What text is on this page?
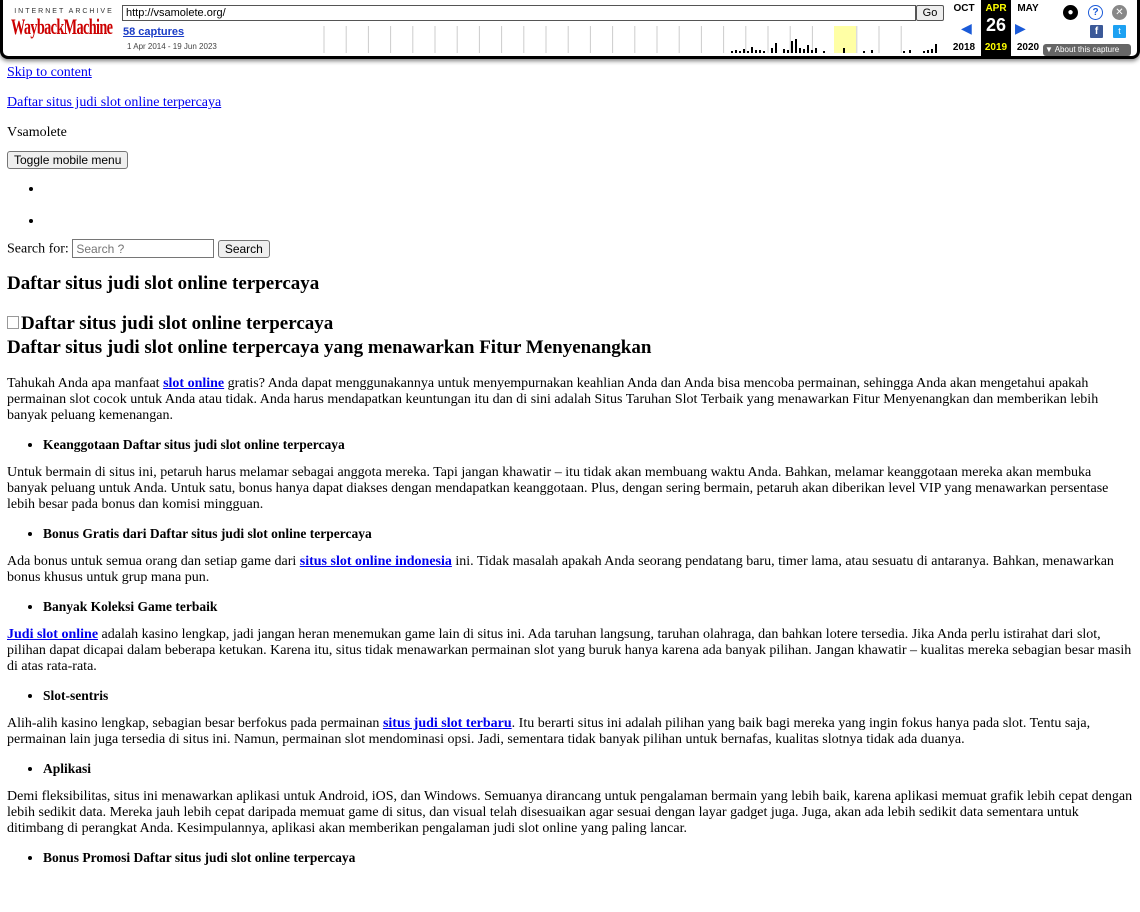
INTERNET ARCHIVE
WaybackMachine
http://vsamolete.org/
Go
58 captures
1 Apr 2014 - 19 Jun 2023
OCT
2018
◀
APR
26
2019
▶
MAY
2020
●	?	✕
f	t
▼ About this capture

Skip to content

Daftar situs judi slot online terpercaya

Vsamolete

Toggle mobile menu
•
•
Search for: Search ?	Search
Daftar situs judi slot online terpercaya
Daftar situs judi slot online terpercaya
Daftar situs judi slot online terpercaya yang menawarkan Fitur Menyenangkan

Tahukah Anda apa manfaat slot online gratis? Anda dapat menggunakannya untuk menyempurnakan keahlian Anda dan Anda bisa mencoba permainan, sehingga Anda akan mengetahui apakah permainan slot cocok untuk Anda atau tidak. Anda harus mendapatkan keuntungan itu dan di sini adalah Situs Taruhan Slot Terbaik yang menawarkan Fitur Menyenangkan dan memberikan lebih banyak peluang kemenangan.

• Keanggotaan Daftar situs judi slot online terpercaya

Untuk bermain di situs ini, petaruh harus melamar sebagai anggota mereka. Tapi jangan khawatir – itu tidak akan membuang waktu Anda. Bahkan, melamar keanggotaan mereka akan membuka banyak peluang untuk Anda. Untuk satu, bonus hanya dapat diakses dengan mendapatkan keanggotaan. Plus, dengan sering bermain, petaruh akan diberikan level VIP yang menawarkan persentase lebih besar pada bonus dan komisi mingguan.

• Bonus Gratis dari Daftar situs judi slot online terpercaya

Ada bonus untuk semua orang dan setiap game dari situs slot online indonesia ini. Tidak masalah apakah Anda seorang pendatang baru, timer lama, atau sesuatu di antaranya. Bahkan, menawarkan bonus khusus untuk grup mana pun.

• Banyak Koleksi Game terbaik

Judi slot online adalah kasino lengkap, jadi jangan heran menemukan game lain di situs ini. Ada taruhan langsung, taruhan olahraga, dan bahkan lotere tersedia. Jika Anda perlu istirahat dari slot, pilihan dapat dicapai dalam beberapa ketukan. Karena itu, situs tidak menawarkan permainan slot yang buruk hanya karena ada banyak pilihan. Jangan khawatir – kualitas mereka sebagian besar masih di atas rata-rata.

• Slot-sentris

Alih-alih kasino lengkap, sebagian besar berfokus pada permainan situs judi slot terbaru. Itu berarti situs ini adalah pilihan yang baik bagi mereka yang ingin fokus hanya pada slot. Tentu saja, permainan lain juga tersedia di situs ini. Namun, permainan slot mendominasi opsi. Jadi, sementara tidak banyak pilihan untuk bernafas, kualitas slotnya tidak ada duanya.

• Aplikasi

Demi fleksibilitas, situs ini menawarkan aplikasi untuk Android, iOS, dan Windows. Semuanya dirancang untuk pengalaman bermain yang lebih baik, karena aplikasi memuat grafik lebih cepat dengan lebih sedikit data. Mereka jauh lebih cepat daripada memuat game di situs, dan visual telah disesuaikan agar sesuai dengan layar gadget juga. Juga, akan ada lebih sedikit data sementara untuk ditimbang di perangkat Anda. Kesimpulannya, aplikasi akan memberikan pengalaman judi slot online yang paling lancar.

• Bonus Promosi Daftar situs judi slot online terpercaya
